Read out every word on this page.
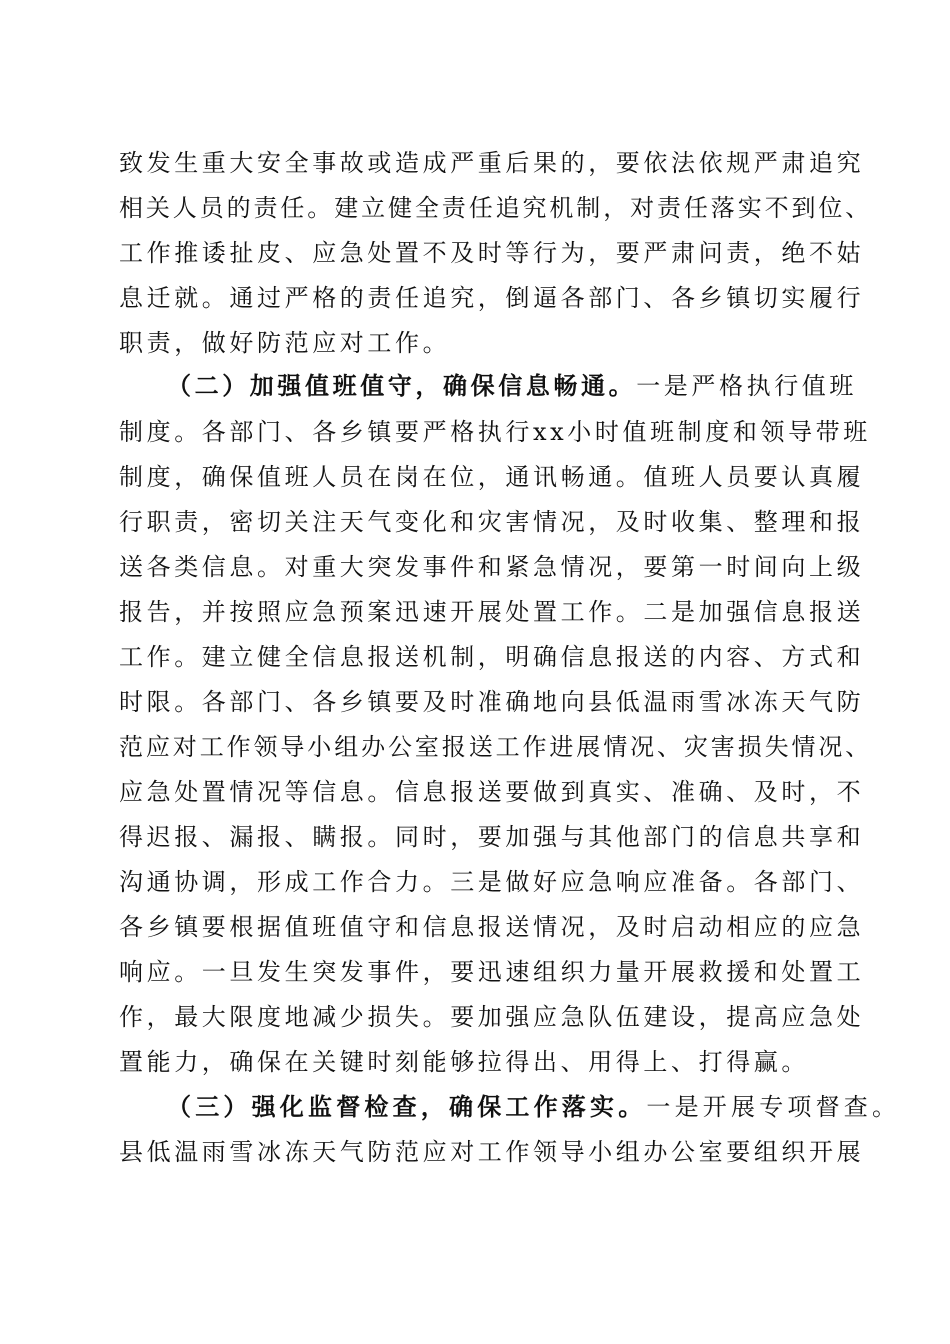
致发生重大安全事故或造成严重后果的，要依法依规严肃追究
相关人员的责任。建立健全责任追究机制，对责任落实不到位、
工作推诿扯皮、应急处置不及时等行为，要严肃问责，绝不姑
息迁就。通过严格的责任追究，倒逼各部门、各乡镇切实履行
职责，做好防范应对工作。
（二）加强值班值守，确保信息畅通。一是严格执行值班
制度。各部门、各乡镇要严格执行xx小时值班制度和领导带班
制度，确保值班人员在岗在位，通讯畅通。值班人员要认真履
行职责，密切关注天气变化和灾害情况，及时收集、整理和报
送各类信息。对重大突发事件和紧急情况，要第一时间向上级
报告，并按照应急预案迅速开展处置工作。二是加强信息报送
工作。建立健全信息报送机制，明确信息报送的内容、方式和
时限。各部门、各乡镇要及时准确地向县低温雨雪冰冻天气防
范应对工作领导小组办公室报送工作进展情况、灾害损失情况、
应急处置情况等信息。信息报送要做到真实、准确、及时，不
得迟报、漏报、瞒报。同时，要加强与其他部门的信息共享和
沟通协调，形成工作合力。三是做好应急响应准备。各部门、
各乡镇要根据值班值守和信息报送情况，及时启动相应的应急
响应。一旦发生突发事件，要迅速组织力量开展救援和处置工
作，最大限度地减少损失。要加强应急队伍建设，提高应急处
置能力，确保在关键时刻能够拉得出、用得上、打得赢。
（三）强化监督检查，确保工作落实。一是开展专项督查。
县低温雨雪冰冻天气防范应对工作领导小组办公室要组织开展
